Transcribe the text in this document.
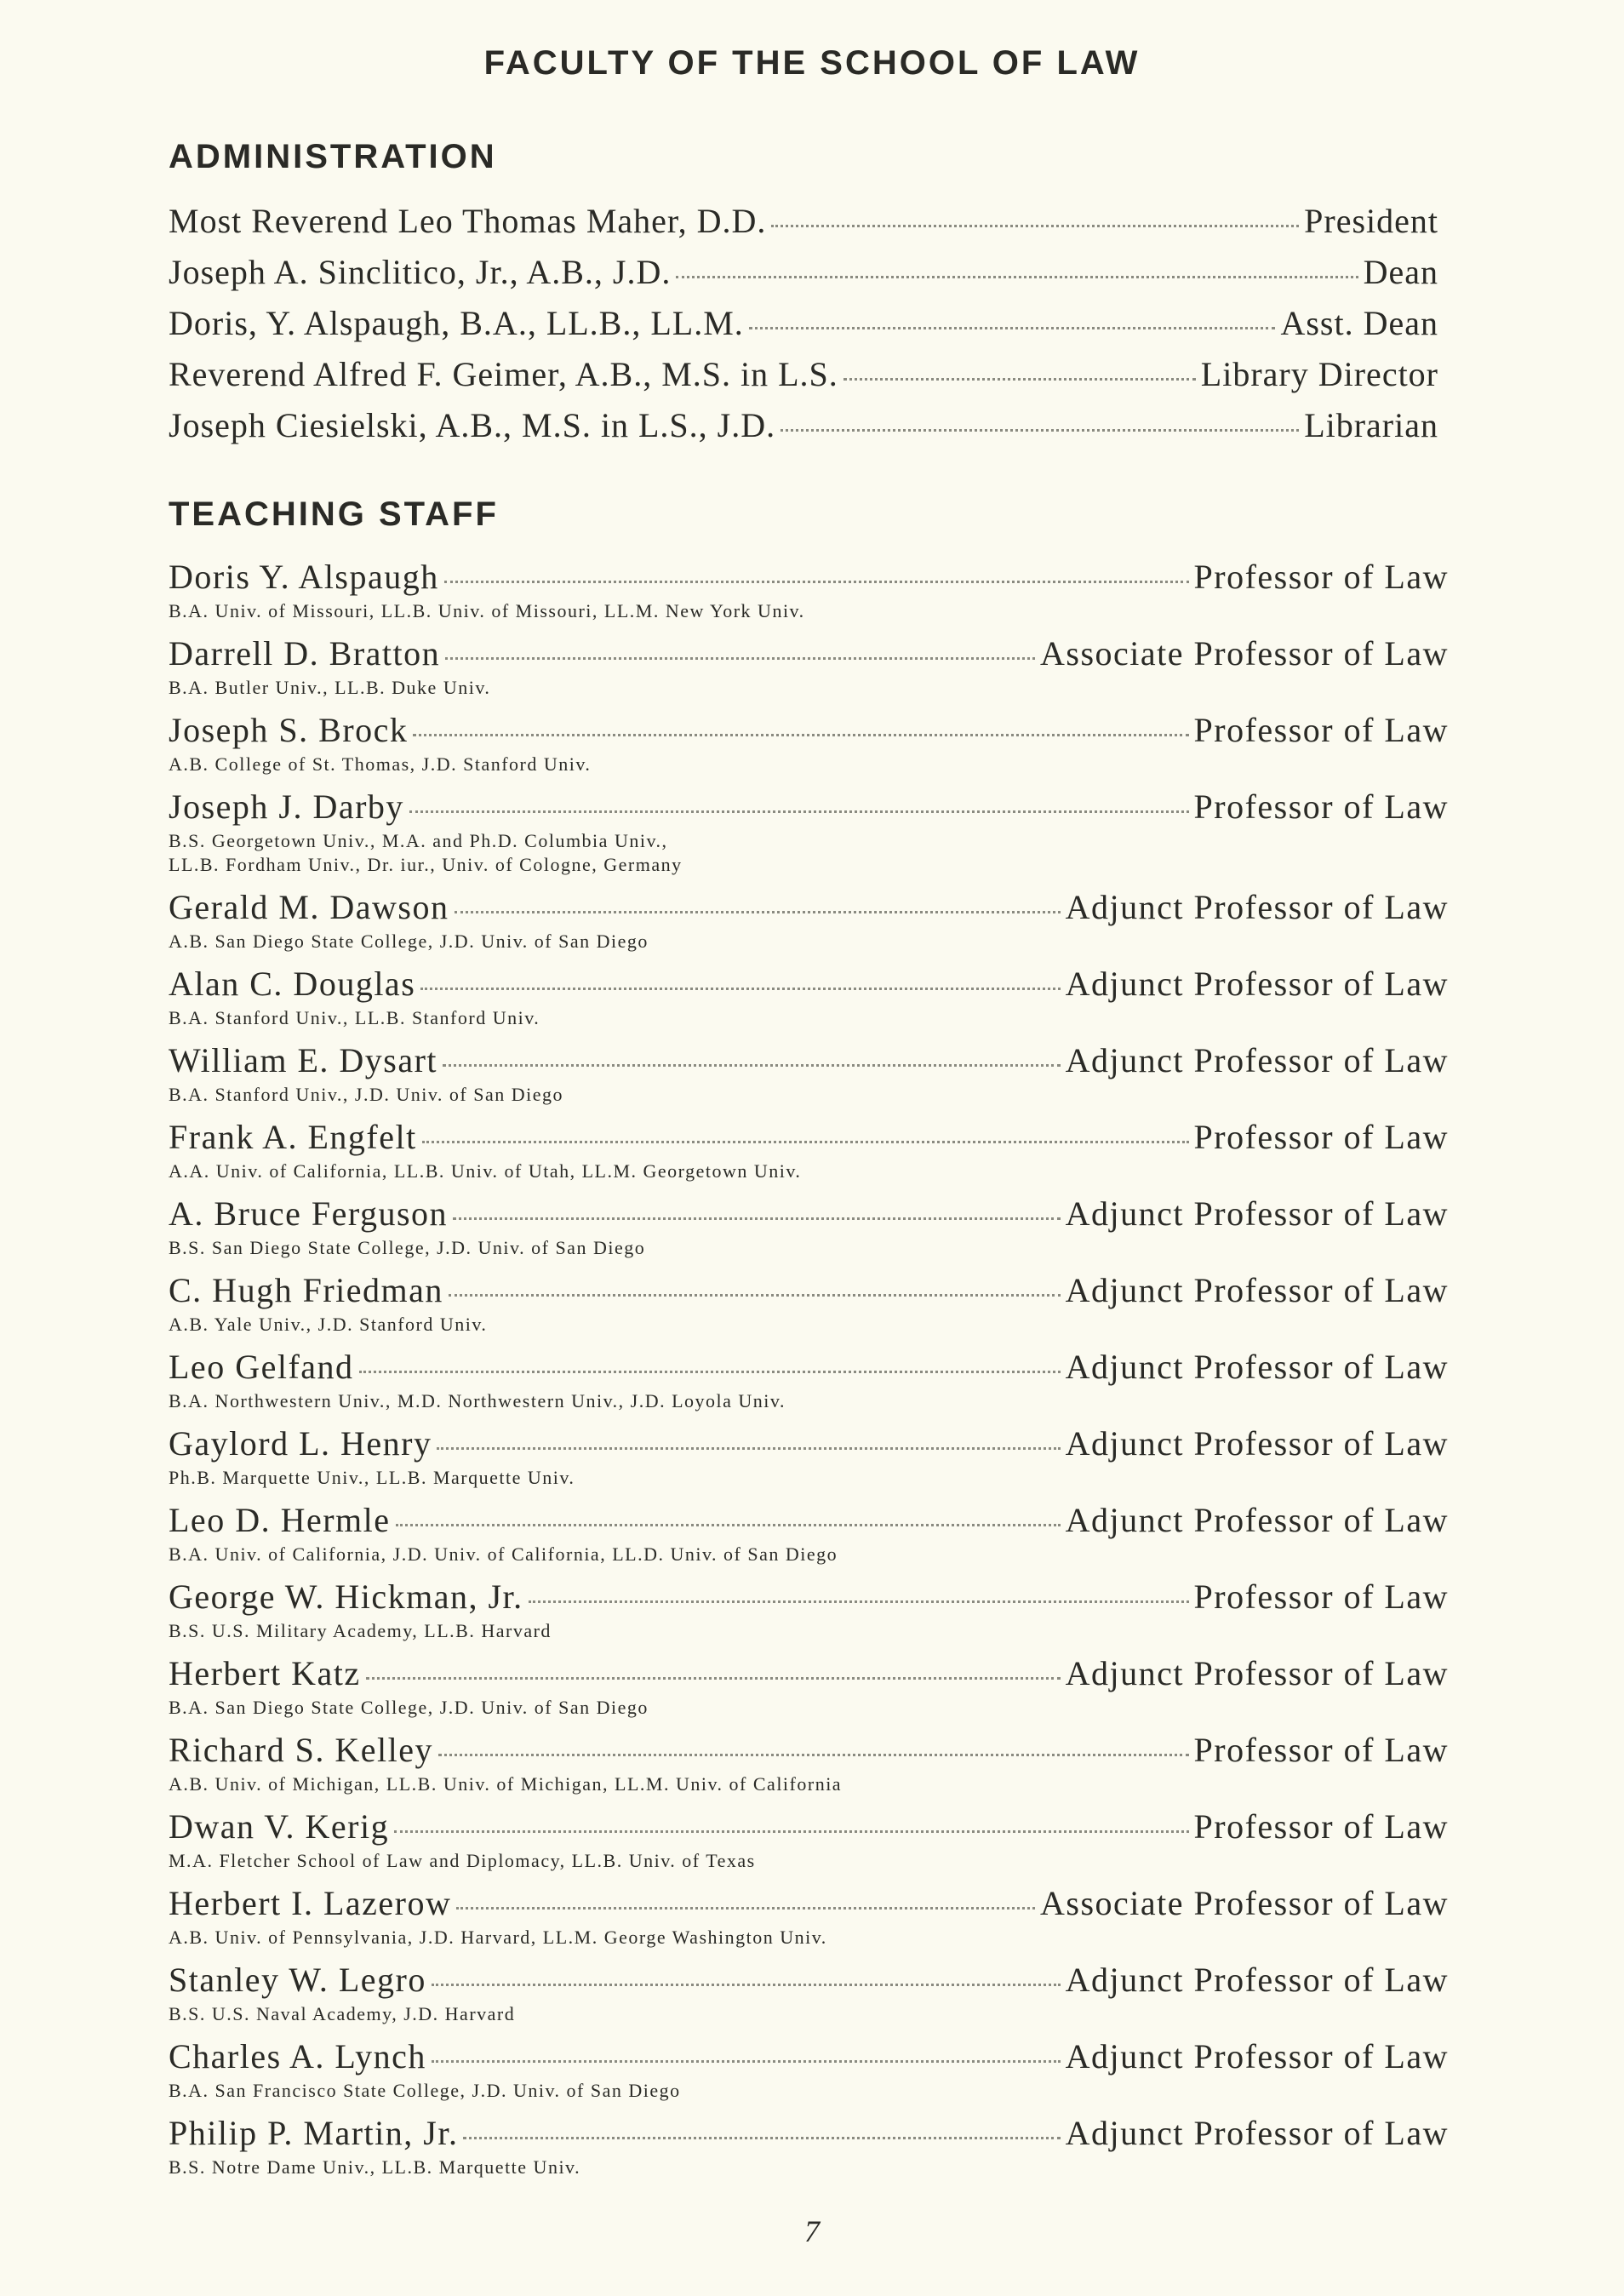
FACULTY OF THE SCHOOL OF LAW
ADMINISTRATION
Most Reverend Leo Thomas Maher, D.D.	President
Joseph A. Sinclitico, Jr., A.B., J.D.	Dean
Doris, Y. Alspaugh, B.A., LL.B., LL.M.	Asst. Dean
Reverend Alfred F. Geimer, A.B., M.S. in L.S.	Library Director
Joseph Ciesielski, A.B., M.S. in L.S., J.D.	Librarian
TEACHING STAFF
Doris Y. Alspaugh	Professor of Law
B.A. Univ. of Missouri, LL.B. Univ. of Missouri, LL.M. New York Univ.
Darrell D. Bratton	Associate Professor of Law
B.A. Butler Univ., LL.B. Duke Univ.
Joseph S. Brock	Professor of Law
A.B. College of St. Thomas, J.D. Stanford Univ.
Joseph J. Darby	Professor of Law
B.S. Georgetown Univ., M.A. and Ph.D. Columbia Univ.,
LL.B. Fordham Univ., Dr. iur., Univ. of Cologne, Germany
Gerald M. Dawson	Adjunct Professor of Law
A.B. San Diego State College, J.D. Univ. of San Diego
Alan C. Douglas	Adjunct Professor of Law
B.A. Stanford Univ., LL.B. Stanford Univ.
William E. Dysart	Adjunct Professor of Law
B.A. Stanford Univ., J.D. Univ. of San Diego
Frank A. Engfelt	Professor of Law
A.A. Univ. of California, LL.B. Univ. of Utah, LL.M. Georgetown Univ.
A. Bruce Ferguson	Adjunct Professor of Law
B.S. San Diego State College, J.D. Univ. of San Diego
C. Hugh Friedman	Adjunct Professor of Law
A.B. Yale Univ., J.D. Stanford Univ.
Leo Gelfand	Adjunct Professor of Law
B.A. Northwestern Univ., M.D. Northwestern Univ., J.D. Loyola Univ.
Gaylord L. Henry	Adjunct Professor of Law
Ph.B. Marquette Univ., LL.B. Marquette Univ.
Leo D. Hermle	Adjunct Professor of Law
B.A. Univ. of California, J.D. Univ. of California, LL.D. Univ. of San Diego
George W. Hickman, Jr.	Professor of Law
B.S. U.S. Military Academy, LL.B. Harvard
Herbert Katz	Adjunct Professor of Law
B.A. San Diego State College, J.D. Univ. of San Diego
Richard S. Kelley	Professor of Law
A.B. Univ. of Michigan, LL.B. Univ. of Michigan, LL.M. Univ. of California
Dwan V. Kerig	Professor of Law
M.A. Fletcher School of Law and Diplomacy, LL.B. Univ. of Texas
Herbert I. Lazerow	Associate Professor of Law
A.B. Univ. of Pennsylvania, J.D. Harvard, LL.M. George Washington Univ.
Stanley W. Legro	Adjunct Professor of Law
B.S. U.S. Naval Academy, J.D. Harvard
Charles A. Lynch	Adjunct Professor of Law
B.A. San Francisco State College, J.D. Univ. of San Diego
Philip P. Martin, Jr.	Adjunct Professor of Law
B.S. Notre Dame Univ., LL.B. Marquette Univ.
7
